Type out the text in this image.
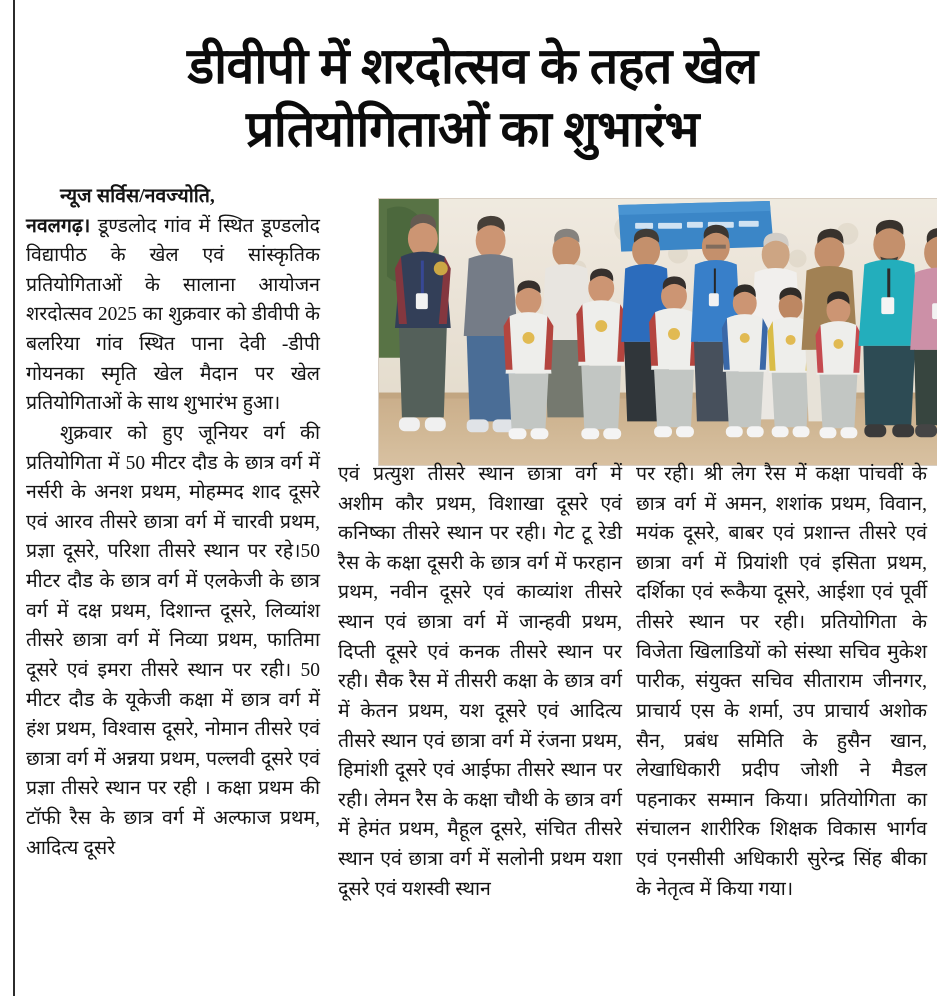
डीवीपी में शरदोत्सव के तहत खेल
प्रतियोगिताओं का शुभारंभ

न्यूज सर्विस/नवज्योति,
नवलगढ़। डूण्डलोद गांव में स्थित डूण्डलोद विद्यापीठ के खेल एवं सांस्कृतिक प्रतियोगिताओं के सालाना आयोजन शरदोत्सव 2025 का शुक्रवार को डीवीपी के बलरिया गांव स्थित पाना देवी -डीपी गोयनका स्मृति खेल मैदान पर खेल प्रतियोगिताओं के साथ शुभारंभ हुआ।

शुक्रवार को हुए जूनियर वर्ग की प्रतियोगिता में 50 मीटर दौड के छात्र वर्ग में नर्सरी के अनश प्रथम, मोहम्मद शाद दूसरे एवं आरव तीसरे छात्रा वर्ग में चारवी प्रथम, प्रज्ञा दूसरे, परिशा तीसरे स्थान पर रहे।50 मीटर दौड के छात्र वर्ग में एलकेजी के छात्र वर्ग में दक्ष प्रथम, दिशान्त दूसरे, लिव्यांश तीसरे छात्रा वर्ग में निव्या प्रथम, फातिमा दूसरे एवं इमरा तीसरे स्थान पर रही। 50 मीटर दौड के यूकेजी कक्षा में छात्र वर्ग में हंश प्रथम, विश्वास दूसरे, नोमान तीसरे एवं छात्रा वर्ग में अन्नया प्रथम, पल्लवी दूसरे एवं प्रज्ञा तीसरे स्थान पर रही । कक्षा प्रथम की टॉफी रैस के छात्र वर्ग में अल्फाज प्रथम, आदित्य दूसरे

एवं प्रत्युश तीसरे स्थान छात्रा वर्ग में अशीम कौर प्रथम, विशाखा दूसरे एवं कनिष्का तीसरे स्थान पर रही। गेट टू रेडी रैस के कक्षा दूसरी के छात्र वर्ग में फरहान प्रथम, नवीन दूसरे एवं काव्यांश तीसरे स्थान एवं छात्रा वर्ग में जान्हवी प्रथम, दिप्ती दूसरे एवं कनक तीसरे स्थान पर रही। सैक रैस में तीसरी कक्षा के छात्र वर्ग में केतन प्रथम, यश दूसरे एवं आदित्य तीसरे स्थान एवं छात्रा वर्ग में रंजना प्रथम, हिमांशी दूसरे एवं आईफा तीसरे स्थान पर रही। लेमन रैस के कक्षा चौथी के छात्र वर्ग में हेमंत प्रथम, मैहूल दूसरे, संचित तीसरे स्थान एवं छात्रा वर्ग में सलोनी प्रथम यशा दूसरे एवं यशस्वी स्थान

पर रही। श्री लेग रैस में कक्षा पांचवीं के छात्र वर्ग में अमन, शशांक प्रथम, विवान, मयंक दूसरे, बाबर एवं प्रशान्त तीसरे एवं छात्रा वर्ग में प्रियांशी एवं इसिता प्रथम, दर्शिका एवं रूकैया दूसरे, आईशा एवं पूर्वी तीसरे स्थान पर रही। प्रतियोगिता के विजेता खिलाडियों को संस्था सचिव मुकेश पारीक, संयुक्त सचिव सीताराम जीनगर, प्राचार्य एस के शर्मा, उप प्राचार्य अशोक सैन, प्रबंध समिति के हुसैन खान, लेखाधिकारी प्रदीप जोशी ने मैडल पहनाकर सम्मान किया। प्रतियोगिता का संचालन शारीरिक शिक्षक विकास भार्गव एवं एनसीसी अधिकारी सुरेन्द्र सिंह बीका के नेतृत्व में किया गया।
